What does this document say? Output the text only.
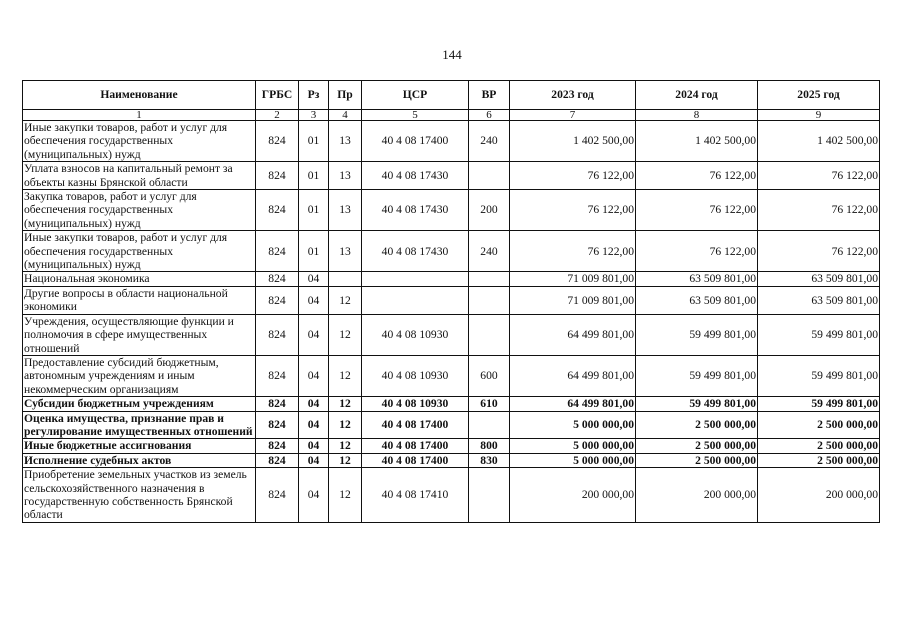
144
Наименование	ГРБС	Рз	Пр	ЦСР	ВР	2023 год	2024 год	2025 год
1	2	3	4	5	6	7	8	9
Иные закупки товаров, работ и услуг для обеспечения государственных (муниципальных) нужд	824	01	13	40 4 08 17400	240	1 402 500,00	1 402 500,00	1 402 500,00
Уплата взносов на капитальный ремонт за объекты казны Брянской области	824	01	13	40 4 08 17430		76 122,00	76 122,00	76 122,00
Закупка товаров, работ и услуг для обеспечения государственных (муниципальных) нужд	824	01	13	40 4 08 17430	200	76 122,00	76 122,00	76 122,00
Иные закупки товаров, работ и услуг для обеспечения государственных (муниципальных) нужд	824	01	13	40 4 08 17430	240	76 122,00	76 122,00	76 122,00
Национальная экономика	824	04				71 009 801,00	63 509 801,00	63 509 801,00
Другие вопросы в области национальной экономики	824	04	12			71 009 801,00	63 509 801,00	63 509 801,00
Учреждения, осуществляющие функции и полномочия в сфере имущественных отношений	824	04	12	40 4 08 10930		64 499 801,00	59 499 801,00	59 499 801,00
Предоставление субсидий бюджетным, автономным учреждениям и иным некоммерческим организациям	824	04	12	40 4 08 10930	600	64 499 801,00	59 499 801,00	59 499 801,00
Субсидии бюджетным учреждениям	824	04	12	40 4 08 10930	610	64 499 801,00	59 499 801,00	59 499 801,00
Оценка имущества, признание прав и регулирование имущественных отношений	824	04	12	40 4 08 17400		5 000 000,00	2 500 000,00	2 500 000,00
Иные бюджетные ассигнования	824	04	12	40 4 08 17400	800	5 000 000,00	2 500 000,00	2 500 000,00
Исполнение судебных актов	824	04	12	40 4 08 17400	830	5 000 000,00	2 500 000,00	2 500 000,00
Приобретение земельных участков из земель сельскохозяйственного назначения в государственную собственность Брянской области	824	04	12	40 4 08 17410		200 000,00	200 000,00	200 000,00
